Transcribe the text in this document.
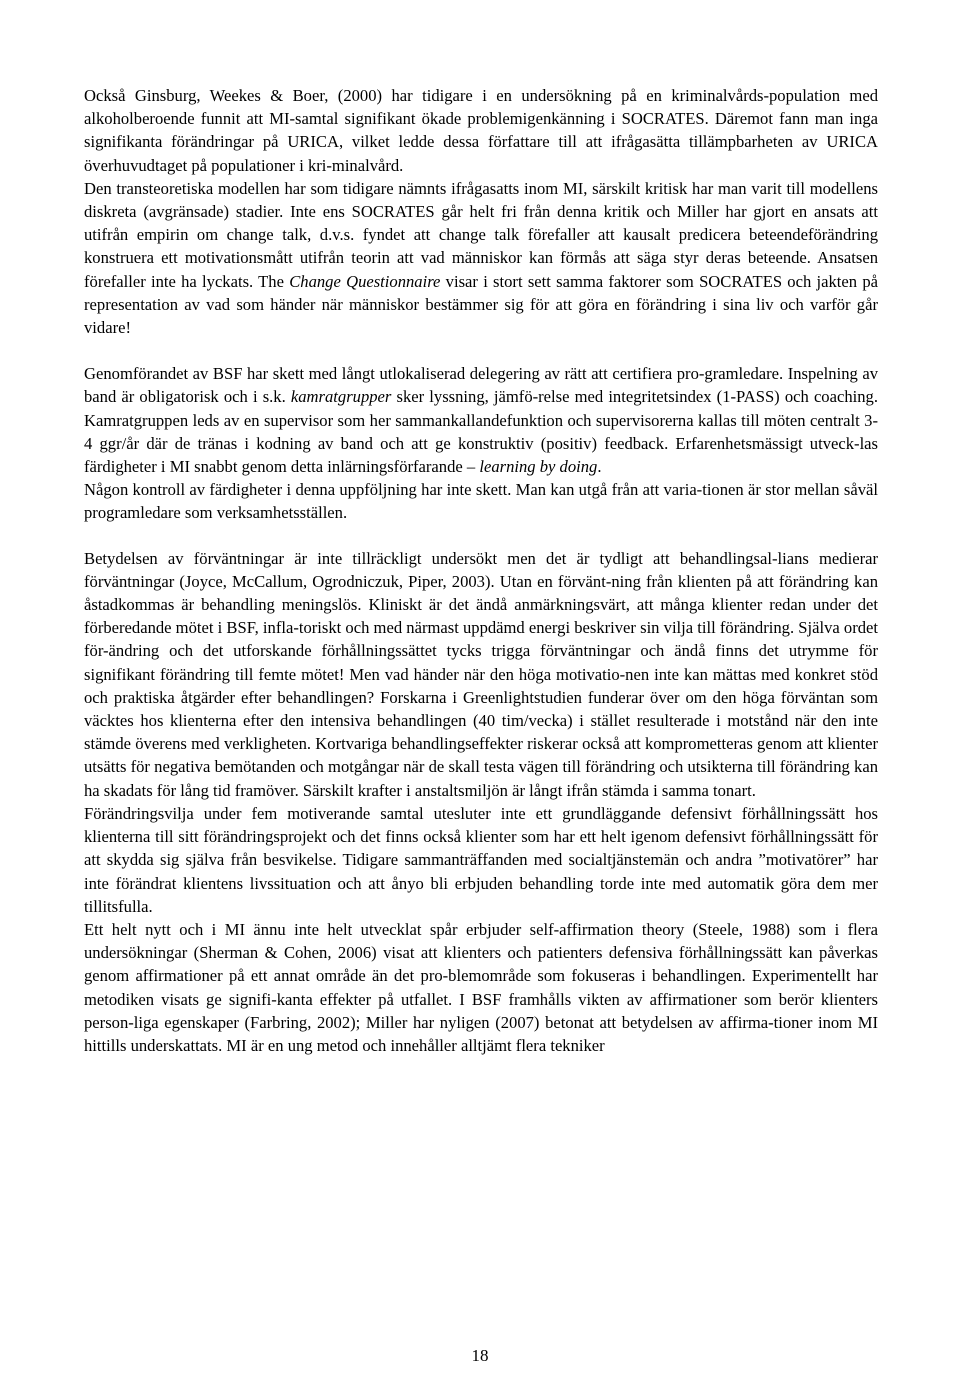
Också Ginsburg, Weekes & Boer, (2000) har tidigare i en undersökning på en kriminalvårds-population med alkoholberoende funnit att MI-samtal signifikant ökade problemigenkänning i SOCRATES. Däremot fann man inga signifikanta förändringar på URICA, vilket ledde dessa författare till att ifrågasätta tillämpbarheten av URICA överhuvudtaget på populationer i kri-minalvård.

Den transteoretiska modellen har som tidigare nämnts ifrågasatts inom MI, särskilt kritisk har man varit till modellens diskreta (avgränsade) stadier. Inte ens SOCRATES går helt fri från denna kritik och Miller har gjort en ansats att utifrån empirin om change talk, d.v.s. fyndet att change talk förefaller att kausalt predicera beteendeförändring konstruera ett motivationsmått utifrån teorin att vad människor kan förmås att säga styr deras beteende. Ansatsen förefaller inte ha lyckats. The Change Questionnaire visar i stort sett samma faktorer som SOCRATES och jakten på representation av vad som händer när människor bestämmer sig för att göra en förändring i sina liv och varför går vidare!

Genomförandet av BSF har skett med långt utlokaliserad delegering av rätt att certifiera pro-gramledare. Inspelning av band är obligatorisk och i s.k. kamratgrupper sker lyssning, jämfö-relse med integritetsindex (1-PASS) och coaching. Kamratgruppen leds av en supervisor som her sammankallandefunktion och supervisorerna kallas till möten centralt 3-4 ggr/år där de tränas i kodning av band och att ge konstruktiv (positiv) feedback. Erfarenhetsmässigt utveck-las färdigheter i MI snabbt genom detta inlärningsförfarande – learning by doing.

Någon kontroll av färdigheter i denna uppföljning har inte skett. Man kan utgå från att varia-tionen är stor mellan såväl programledare som verksamhetsställen.

Betydelsen av förväntningar är inte tillräckligt undersökt men det är tydligt att behandlingsal-lians medierar förväntningar (Joyce, McCallum, Ogrodniczuk, Piper, 2003). Utan en förvänt-ning från klienten på att förändring kan åstadkommas är behandling meningslös. Kliniskt är det ändå anmärkningsvärt, att många klienter redan under det förberedande mötet i BSF, infla-toriskt och med närmast uppdämd energi beskriver sin vilja till förändring. Själva ordet för-ändring och det utforskande förhållningssättet tycks trigga förväntningar och ändå finns det utrymme för signifikant förändring till femte mötet! Men vad händer när den höga motivatio-nen inte kan mättas med konkret stöd och praktiska åtgärder efter behandlingen? Forskarna i Greenlightstudien funderar över om den höga förväntan som väcktes hos klienterna efter den intensiva behandlingen (40 tim/vecka) i stället resulterade i motstånd när den inte stämde överens med verkligheten. Kortvariga behandlingseffekter riskerar också att komprometteras genom att klienter utsätts för negativa bemötanden och motgångar när de skall testa vägen till förändring och utsikterna till förändring kan ha skadats för lång tid framöver. Särskilt krafter i anstaltsmiljön är långt ifrån stämda i samma tonart.

Förändringsvilja under fem motiverande samtal utesluter inte ett grundläggande defensivt förhållningssätt hos klienterna till sitt förändringsprojekt och det finns också klienter som har ett helt igenom defensivt förhållningssätt för att skydda sig själva från besvikelse. Tidigare sammanträffanden med socialtjänstemän och andra ”motivatörer” har inte förändrat klientens livssituation och att ånyo bli erbjuden behandling torde inte med automatik göra dem mer tillitsfulla.

Ett helt nytt och i MI ännu inte helt utvecklat spår erbjuder self-affirmation theory (Steele, 1988) som i flera undersökningar (Sherman & Cohen, 2006) visat att klienters och patienters defensiva förhållningssätt kan påverkas genom affirmationer på ett annat område än det pro-blemområde som fokuseras i behandlingen. Experimentellt har metodiken visats ge signifi-kanta effekter på utfallet. I BSF framhålls vikten av affirmationer som berör klienters person-liga egenskaper (Farbring, 2002); Miller har nyligen (2007) betonat att betydelsen av affirma-tioner inom MI hittills underskattats. MI är en ung metod och innehåller alltjämt flera tekniker

18
